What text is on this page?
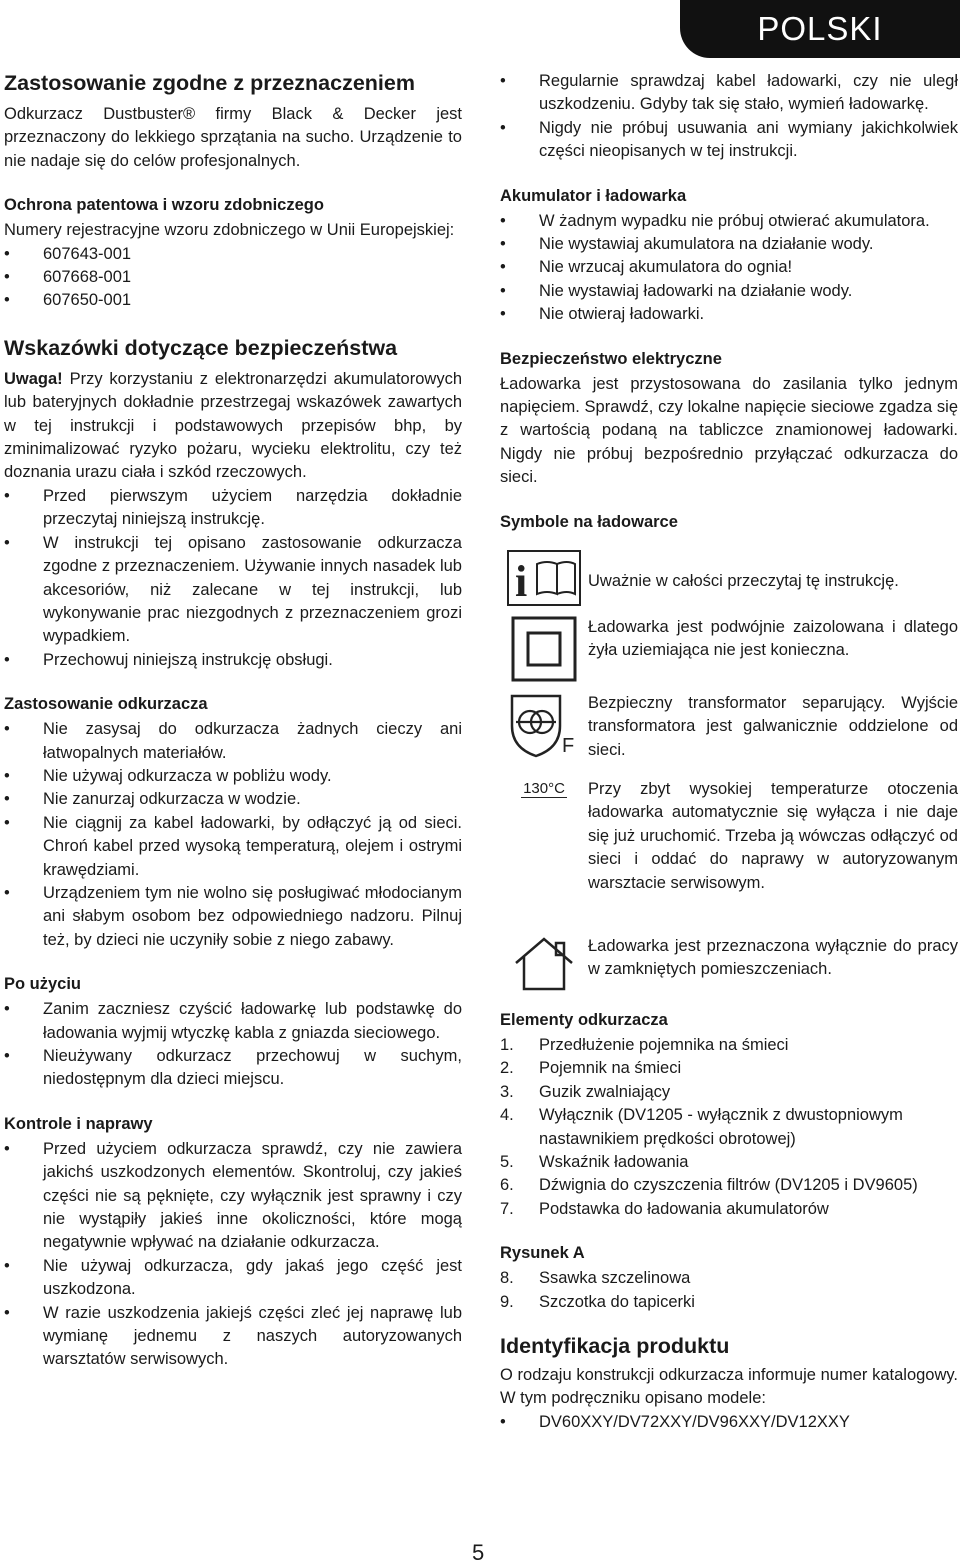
POLSKI
Zastosowanie zgodne z przeznaczeniem

Odkurzacz Dustbuster® firmy Black & Decker jest przeznaczony do lekkiego sprzątania na sucho. Urządzenie to nie nadaje się do celów profesjonalnych.

Ochrona patentowa i wzoru zdobniczego

Numery rejestracyjne wzoru zdobniczego w Unii Europejskiej:

• 607643-001
• 607668-001
• 607650-001
Wskazówki dotyczące bezpieczeństwa

Uwaga! Przy korzystaniu z elektronarzędzi akumulatorowych lub bateryjnych dokładnie przestrzegaj wskazówek zawartych w tej instrukcji i podstawowych przepisów bhp, by zminimalizować ryzyko pożaru, wycieku elektrolitu, czy też doznania urazu ciała i szkód rzeczowych.

• Przed pierwszym użyciem narzędzia dokładnie przeczytaj niniejszą instrukcję.
• W instrukcji tej opisano zastosowanie odkurzacza zgodne z przeznaczeniem. Używanie innych nasadek lub akcesoriów, niż zalecane w tej instrukcji, lub wykonywanie prac niezgodnych z przeznaczeniem grozi wypadkiem.
• Przechowuj niniejszą instrukcję obsługi.
Zastosowanie odkurzacza
• Nie zasysaj do odkurzacza żadnych cieczy ani łatwopalnych materiałów.
• Nie używaj odkurzacza w pobliżu wody.
• Nie zanurzaj odkurzacza w wodzie.
• Nie ciągnij za kabel ładowarki, by odłączyć ją od sieci. Chroń kabel przed wysoką temperaturą, olejem i ostrymi krawędziami.
• Urządzeniem tym nie wolno się posługiwać młodocianym ani słabym osobom bez odpowiedniego nadzoru. Pilnuj też, by dzieci nie uczyniły sobie z niego zabawy.
Po użyciu
• Zanim zaczniesz czyścić ładowarkę lub podstawkę do ładowania wyjmij wtyczkę kabla z gniazda sieciowego.
• Nieużywany odkurzacz przechowuj w suchym, niedostępnym dla dzieci miejscu.
Kontrole i naprawy
• Przed użyciem odkurzacza sprawdź, czy nie zawiera jakichś uszkodzonych elementów. Skontroluj, czy jakieś części nie są pęknięte, czy wyłącznik jest sprawny i czy nie wystąpiły jakieś inne okoliczności, które mogą negatywnie wpływać na działanie odkurzacza.
• Nie używaj odkurzacza, gdy jakaś jego część jest uszkodzona.
• W razie uszkodzenia jakiejś części zleć jej naprawę lub wymianę jednemu z naszych autoryzowanych warsztatów serwisowych.
• Regularnie sprawdzaj kabel ładowarki, czy nie uległ uszkodzeniu. Gdyby tak się stało, wymień ładowarkę.
• Nigdy nie próbuj usuwania ani wymiany jakichkolwiek części nieopisanych w tej instrukcji.
Akumulator i ładowarka
• W żadnym wypadku nie próbuj otwierać akumulatora.
• Nie wystawiaj akumulatora na działanie wody.
• Nie wrzucaj akumulatora do ognia!
• Nie wystawiaj ładowarki na działanie wody.
• Nie otwieraj ładowarki.
Bezpieczeństwo elektryczne

Ładowarka jest przystosowana do zasilania tylko jednym napięciem. Sprawdź, czy lokalne napięcie sieciowe zgadza się z wartością podaną na tabliczce znamionowej ładowarki. Nigdy nie próbuj bezpośrednio przyłączać odkurzacza do sieci.

Symbole na ładowarce
i	Uważnie w całości przeczytaj tę instrukcję.

Ładowarka jest podwójnie zaizolowana i dlatego żyła uziemiająca nie jest konieczna.

F

Bezpieczny transformator separujący. Wyjście transformatora jest galwanicznie oddzielone od sieci.

130°C Przy zbyt wysokiej temperaturze otoczenia ładowarka automatycznie się wyłącza i nie daje się już uruchomić. Trzeba ją wówczas odłączyć od sieci i oddać do naprawy w autoryzowanym warsztacie serwisowym.

Ładowarka jest przeznaczona wyłącznie do pracy w zamkniętych pomieszczeniach.

Elementy odkurzacza
1. Przedłużenie pojemnika na śmieci
2. Pojemnik na śmieci
3. Guzik zwalniający
4. Wyłącznik (DV1205 - wyłącznik z dwustopniowym nastawnikiem prędkości obrotowej)
5. Wskaźnik ładowania
6. Dźwignia do czyszczenia filtrów (DV1205 i DV9605)
7. Podstawka do ładowania akumulatorów
Rysunek A
8. Ssawka szczelinowa
9. Szczotka do tapicerki
Identyfikacja produktu

O rodzaju konstrukcji odkurzacza informuje numer katalogowy. W tym podręczniku opisano modele:

• DV60XXY/DV72XXY/DV96XXY/DV12XXY
5
